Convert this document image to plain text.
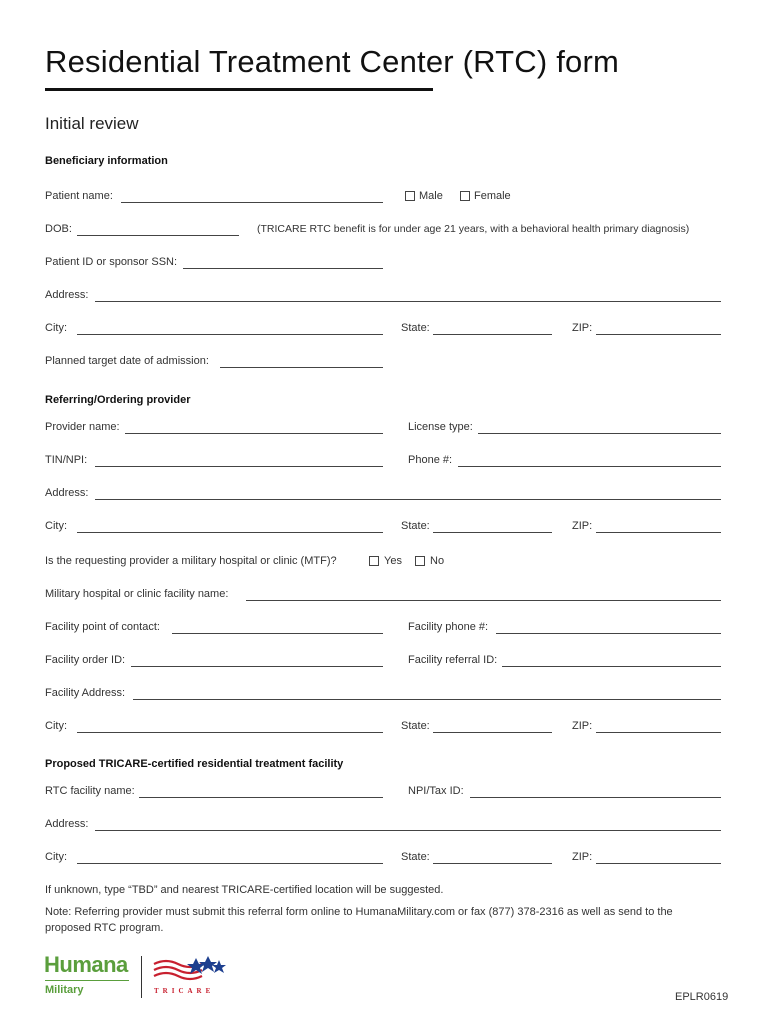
Residential Treatment Center (RTC) form
Initial review
Beneficiary information
Patient name:	Male	Female
DOB:	(TRICARE RTC benefit is for under age 21 years, with a behavioral health primary diagnosis)
Patient ID or sponsor SSN:
Address:
City:	State:	ZIP:
Planned target date of admission:
Referring/Ordering provider
Provider name:	License type:
TIN/NPI:	Phone #:
Address:
City:	State:	ZIP:
Is the requesting provider a military hospital or clinic (MTF)?	Yes	No
Military hospital or clinic facility name:
Facility point of contact:	Facility phone #:
Facility order ID:	Facility referral ID:
Facility Address:
City:	State:	ZIP:
Proposed TRICARE-certified residential treatment facility
RTC facility name:	NPI/Tax ID:
Address:
City:	State:	ZIP:
If unknown, type “TBD” and nearest TRICARE-certified location will be suggested.
Note: Referring provider must submit this referral form online to HumanaMilitary.com or fax (877) 378-2316 as well as send to the proposed RTC program.
Humana
Military	TRICARE	EPLR0619
